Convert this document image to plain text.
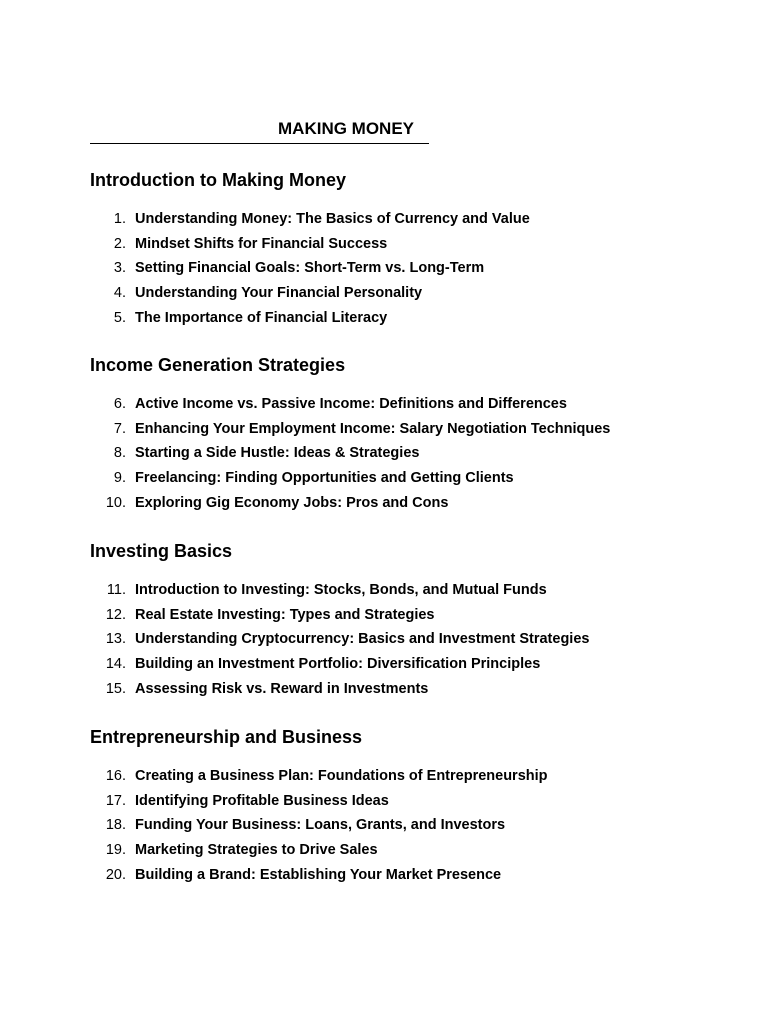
MAKING MONEY
Introduction to Making Money
1. Understanding Money: The Basics of Currency and Value
2. Mindset Shifts for Financial Success
3. Setting Financial Goals: Short-Term vs. Long-Term
4. Understanding Your Financial Personality
5. The Importance of Financial Literacy
Income Generation Strategies
6. Active Income vs. Passive Income: Definitions and Differences
7. Enhancing Your Employment Income: Salary Negotiation Techniques
8. Starting a Side Hustle: Ideas & Strategies
9. Freelancing: Finding Opportunities and Getting Clients
10. Exploring Gig Economy Jobs: Pros and Cons
Investing Basics
11. Introduction to Investing: Stocks, Bonds, and Mutual Funds
12. Real Estate Investing: Types and Strategies
13. Understanding Cryptocurrency: Basics and Investment Strategies
14. Building an Investment Portfolio: Diversification Principles
15. Assessing Risk vs. Reward in Investments
Entrepreneurship and Business
16. Creating a Business Plan: Foundations of Entrepreneurship
17. Identifying Profitable Business Ideas
18. Funding Your Business: Loans, Grants, and Investors
19. Marketing Strategies to Drive Sales
20. Building a Brand: Establishing Your Market Presence
